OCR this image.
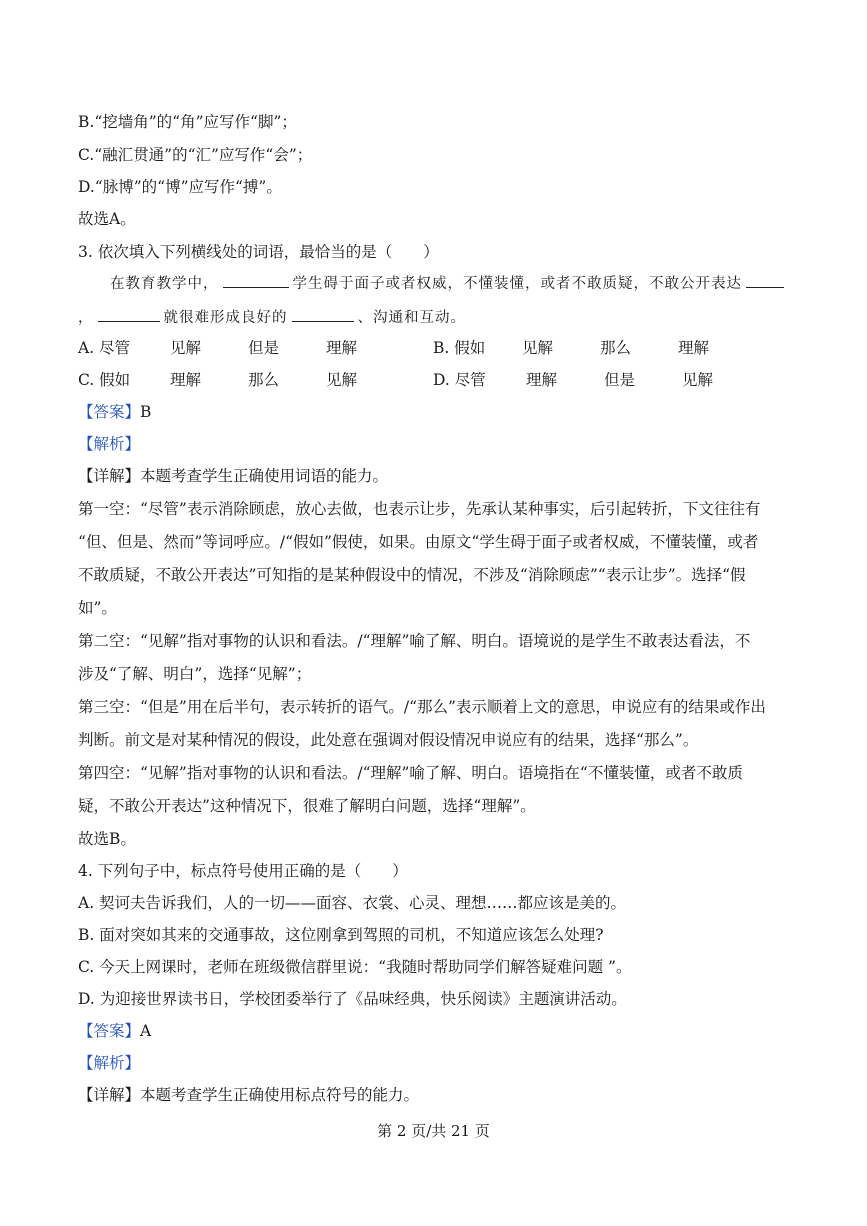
B.“挖墙角”的“角”应写作“脚”；
C.“融汇贯通”的“汇”应写作“会”；
D.“脉博”的“博”应写作“搏”。
故选A。
3. 依次填入下列横线处的词语，最恰当的是（　　）
在教育教学中，	学生碍于面子或者权威，不懂装懂，或者不敢质疑，不敢公开表达
，	就很难形成良好的	、沟通和互动。
A. 尽管	见解	但是	理解	B. 假如 见解	那么	理解
C. 假如	理解	那么	见解	D. 尽管	理解	但是	见解
【答案】B
【解析】
【详解】本题考查学生正确使用词语的能力。
第一空：“尽管”表示消除顾虑，放心去做，也表示让步，先承认某种事实，后引起转折，下文往往有
“但、但是、然而”等词呼应。/“假如”假使，如果。由原文“学生碍于面子或者权威，不懂装懂，或者
不敢质疑，不敢公开表达”可知指的是某种假设中的情况，不涉及“消除顾虑”“表示让步”。选择“假
如”。
第二空：“见解”指对事物的认识和看法。/“理解”喻了解、明白。语境说的是学生不敢表达看法，不
涉及“了解、明白”，选择“见解”；
第三空：“但是”用在后半句，表示转折的语气。/“那么”表示顺着上文的意思，申说应有的结果或作出
判断。前文是对某种情况的假设，此处意在强调对假设情况申说应有的结果，选择“那么”。
第四空：“见解”指对事物的认识和看法。/“理解”喻了解、明白。语境指在“不懂装懂，或者不敢质
疑，不敢公开表达”这种情况下，很难了解明白问题，选择“理解”。
故选B。
4. 下列句子中，标点符号使用正确的是（　　）
A. 契诃夫告诉我们，人的一切——面容、衣裳、心灵、理想……都应该是美的。
B. 面对突如其来的交通事故，这位刚拿到驾照的司机，不知道应该怎么处理?
C. 今天上网课时，老师在班级微信群里说：“我随时帮助同学们解答疑难问题 ”。
D. 为迎接世界读书日，学校团委举行了《品味经典，快乐阅读》主题演讲活动。
【答案】A
【解析】
【详解】本题考查学生正确使用标点符号的能力。
第 2 页/共 21 页
